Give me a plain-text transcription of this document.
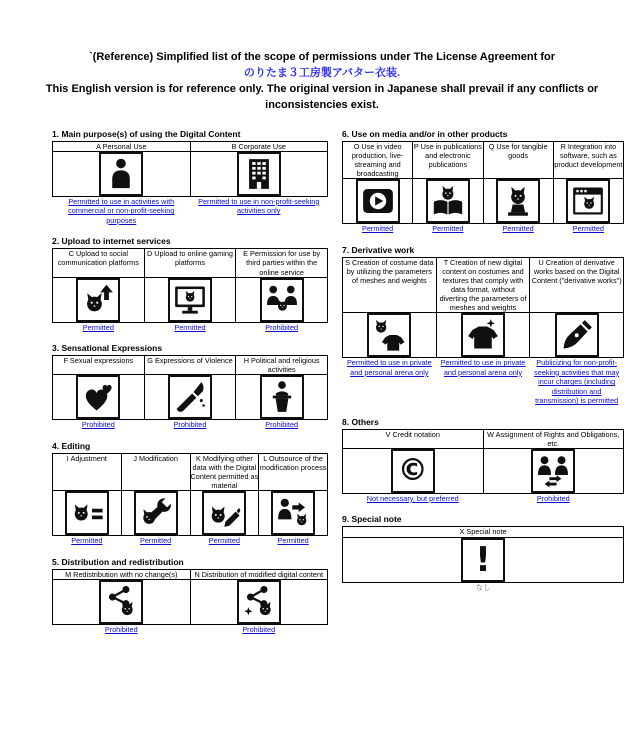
`(Reference) Simplified list of the scope of permissions under The License Agreement for
のりたま３工房製アバター衣装.
This English version is for reference only. The original version in Japanese shall prevail if any conflicts or inconsistencies exist.
1. Main purpose(s) of using the Digital Content
A Personal Use	B Corporate Use

Permitted to use in activities with commercial or non-profit-seeking purposes	Permitted to use in non-profit-seeking activities only
2. Upload to internet services
C Upload to social communication platforms	D Upload to online gaming platforms	E Permission for use by third parties within the online service

Permitted	Permitted	Prohibited
3. Sensational Expressions
F Sexual expressions	G Expressions of Violence	H Political and religious activities

Prohibited	Prohibited	Prohibited
4. Editing
I Adjustment	J Modification	K Modifying other data with the Digital Content permitted as material	L Outsource of the modification process

Permitted	Permitted	Permitted	Permitted
5. Distribution and redistribution
M Redistribution with no change(s)	N Distribution of modified digital content

Prohibited	Prohibited
6. Use on media and/or in other products
O Use in video production, live-streaming and broadcasting	P Use in publications and electronic publications	Q Use for tangible goods	R Integration into software, such as product development

Permitted	Permitted	Permitted	Permitted
7. Derivative work
S Creation of costume data by utilizing the parameters of meshes and weights	T Creation of new digital content on costumes and textures that comply with data format, without diverting the parameters of meshes and weights	U Creation of derivative works based on the Digital Content ("derivative works")

Permitted to use in private and personal arena only	Permitted to use in private and personal arena only	Publicizing for non-profit-seeking activities that may incur charges (including distribution and transmission) is permitted
8. Others
V Credit notation	W Assignment of Rights and Obligations, etc.

©

Not necessary, but preferred	Prohibited
9. Special note
X Special note

!

なし
